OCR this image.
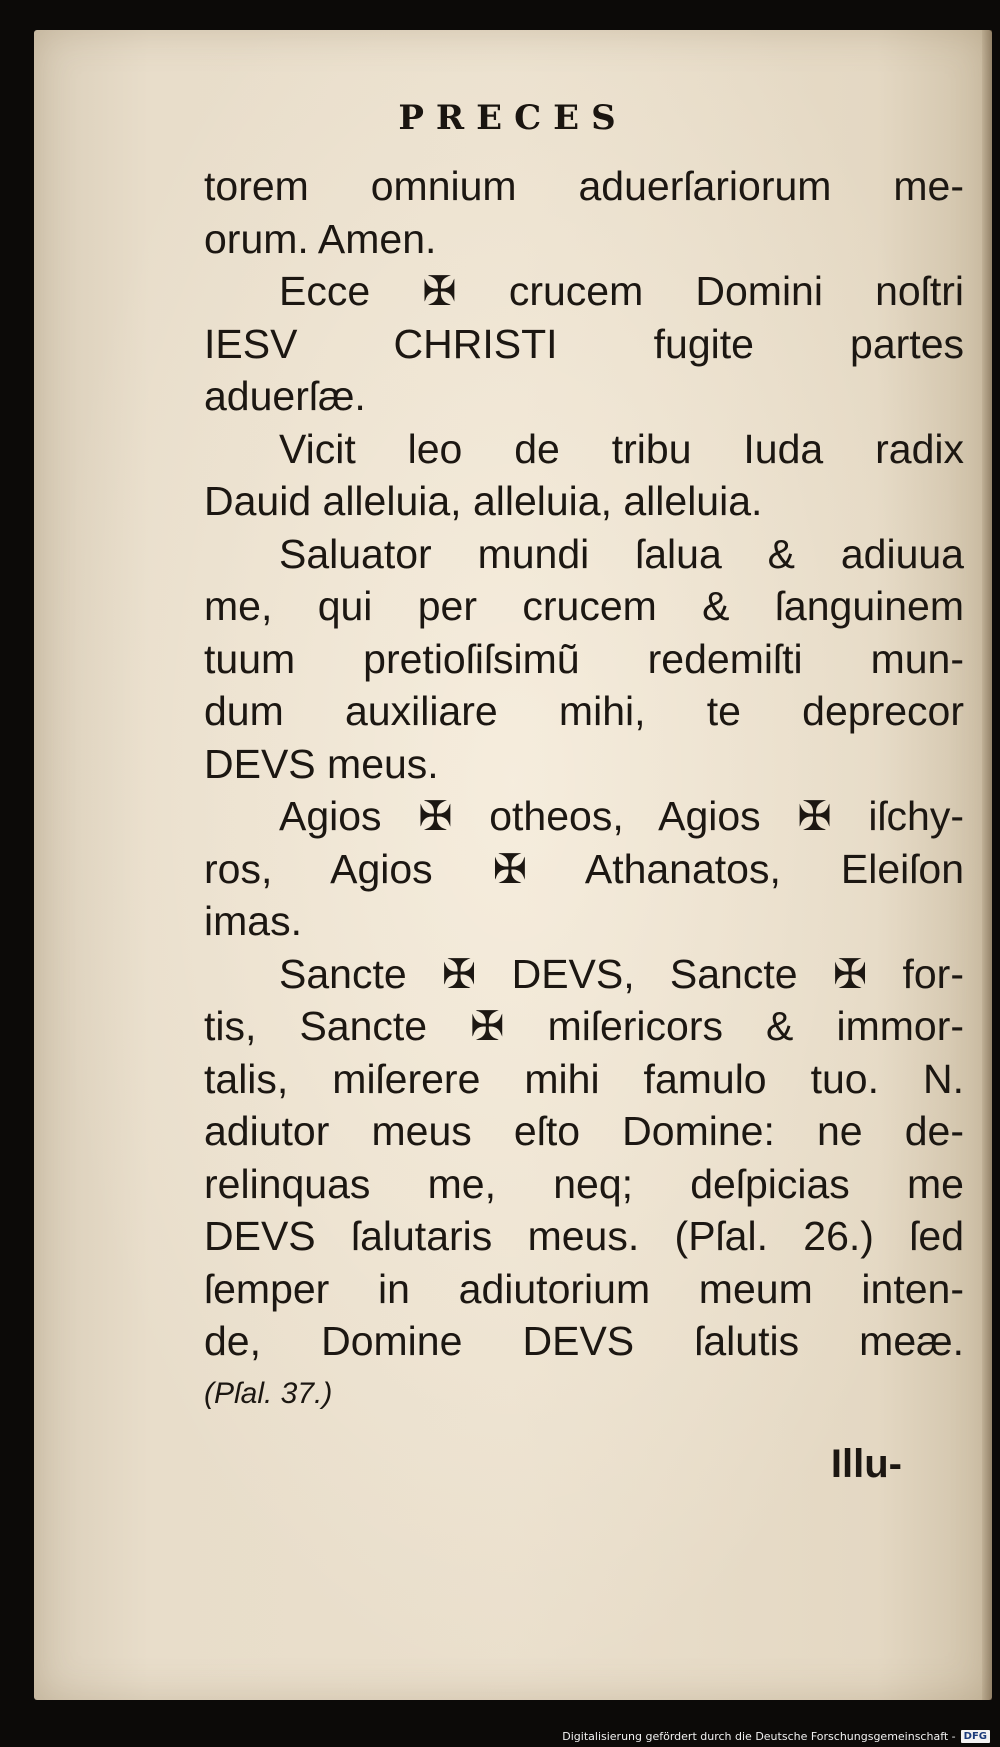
PRECES
torem omnium aduerſariorum me-
orum. Amen.
Ecce ✠ crucem Domini noſtri
IESV CHRISTI fugite partes
aduerſæ.
Vicit leo de tribu Iuda radix
Dauid alleluia, alleluia, alleluia.
Saluator mundi ſalua & adiuua
me, qui per crucem & ſanguinem
tuum pretioſiſsimũ redemiſti mun-
dum auxiliare mihi, te deprecor
DEVS meus.
Agios ✠ otheos, Agios ✠ iſchy-
ros, Agios ✠ Athanatos, Eleiſon
imas.
Sancte ✠ DEVS, Sancte ✠ for-
tis, Sancte ✠ miſericors & immor-
talis, miſerere mihi famulo tuo. N.
adiutor meus eſto Domine: ne de-
relinquas me, neq; deſpicias me
DEVS ſalutaris meus. (Pſal. 26.) ſed
ſemper in adiutorium meum inten-
de, Domine DEVS ſalutis meæ.
(Pſal. 37.)
Illu-
Digitalisierung gefördert durch die Deutsche Forschungsgemeinschaft - DFG
